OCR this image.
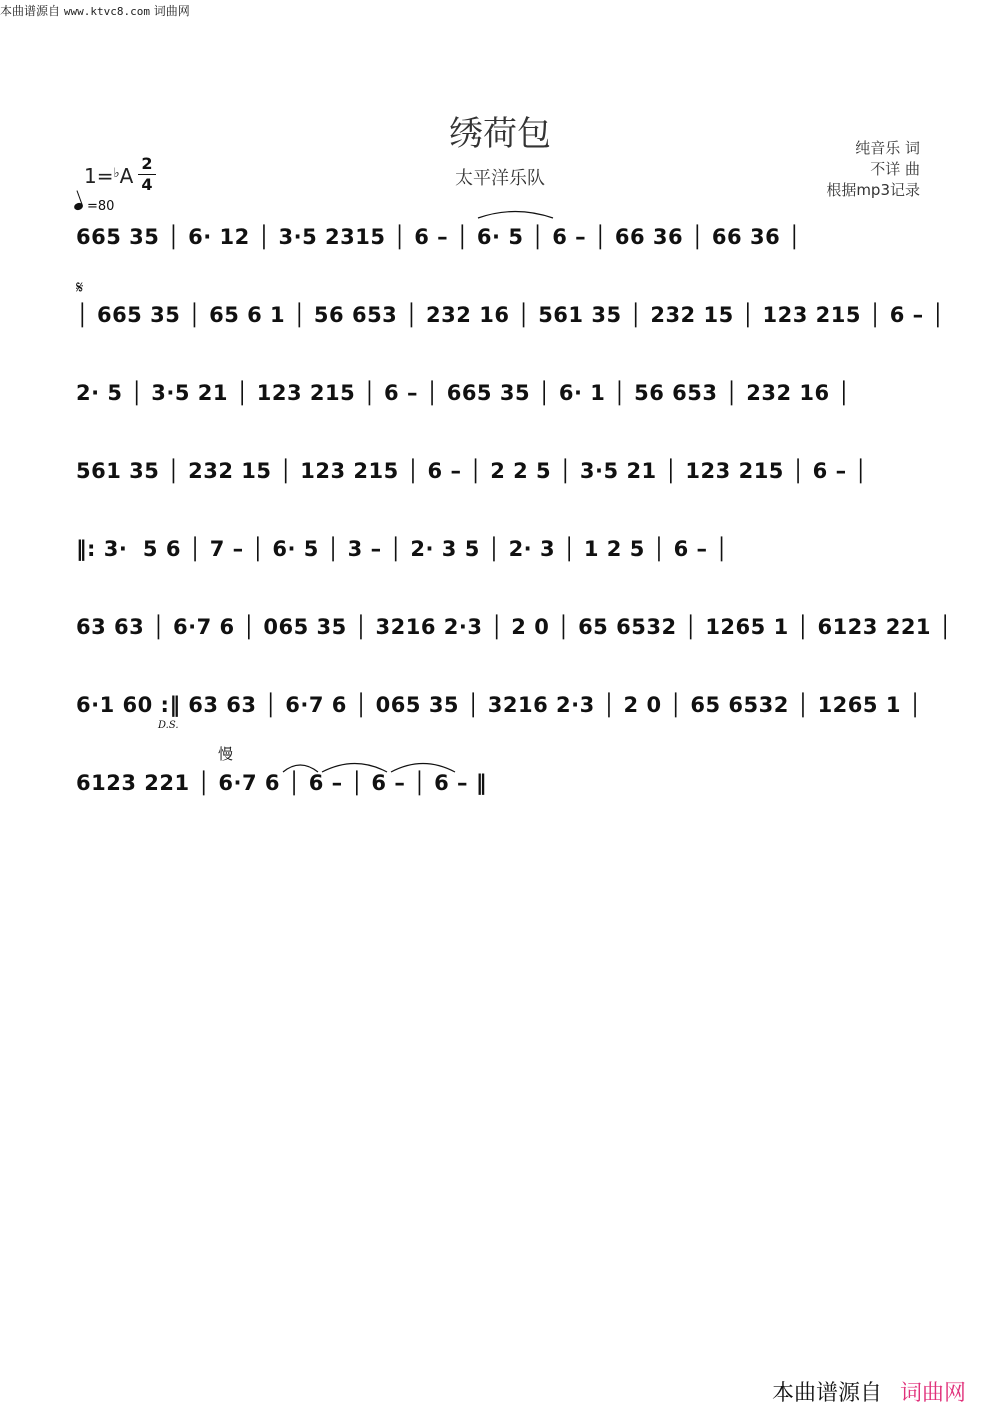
本曲谱源自 www.ktvc8.com 词曲网
绣荷包
太平洋乐队
纯音乐 词
不详 曲
根据mp3记录
1=♭A
2
4
=80
665 35 │ 6· 12 │ 3·5 2315 │ 6 – │ 6· 5 │ 6 – │ 66 36 │ 66 36 │
𝄋
│ 665 35 │ 65 6 1 │ 56 653 │ 232 16 │ 561 35 │ 232 15 │ 123 215 │ 6 – │
2· 5 │ 3·5 21 │ 123 215 │ 6 – │ 665 35 │ 6· 1 │ 56 653 │ 232 16 │
561 35 │ 232 15 │ 123 215 │ 6 – │ 2 2 5 │ 3·5 21 │ 123 215 │ 6 – │
‖: 3·  5 6 │ 7 – │ 6· 5 │ 3 – │ 2· 3 5 │ 2· 3 │ 1 2 5 │ 6 – │
63 63 │ 6·7 6 │ 065 35 │ 3216 2·3 │ 2 0 │ 65 6532 │ 1265 1 │ 6123 221 │
6·1 60 :‖ 63 63 │ 6·7 6 │ 065 35 │ 3216 2·3 │ 2 0 │ 65 6532 │ 1265 1 │
D.S.
慢
6123 221 │ 6·7 6 │ 6 – │ 6 – │ 6 – ‖
本曲谱源自 词曲网
